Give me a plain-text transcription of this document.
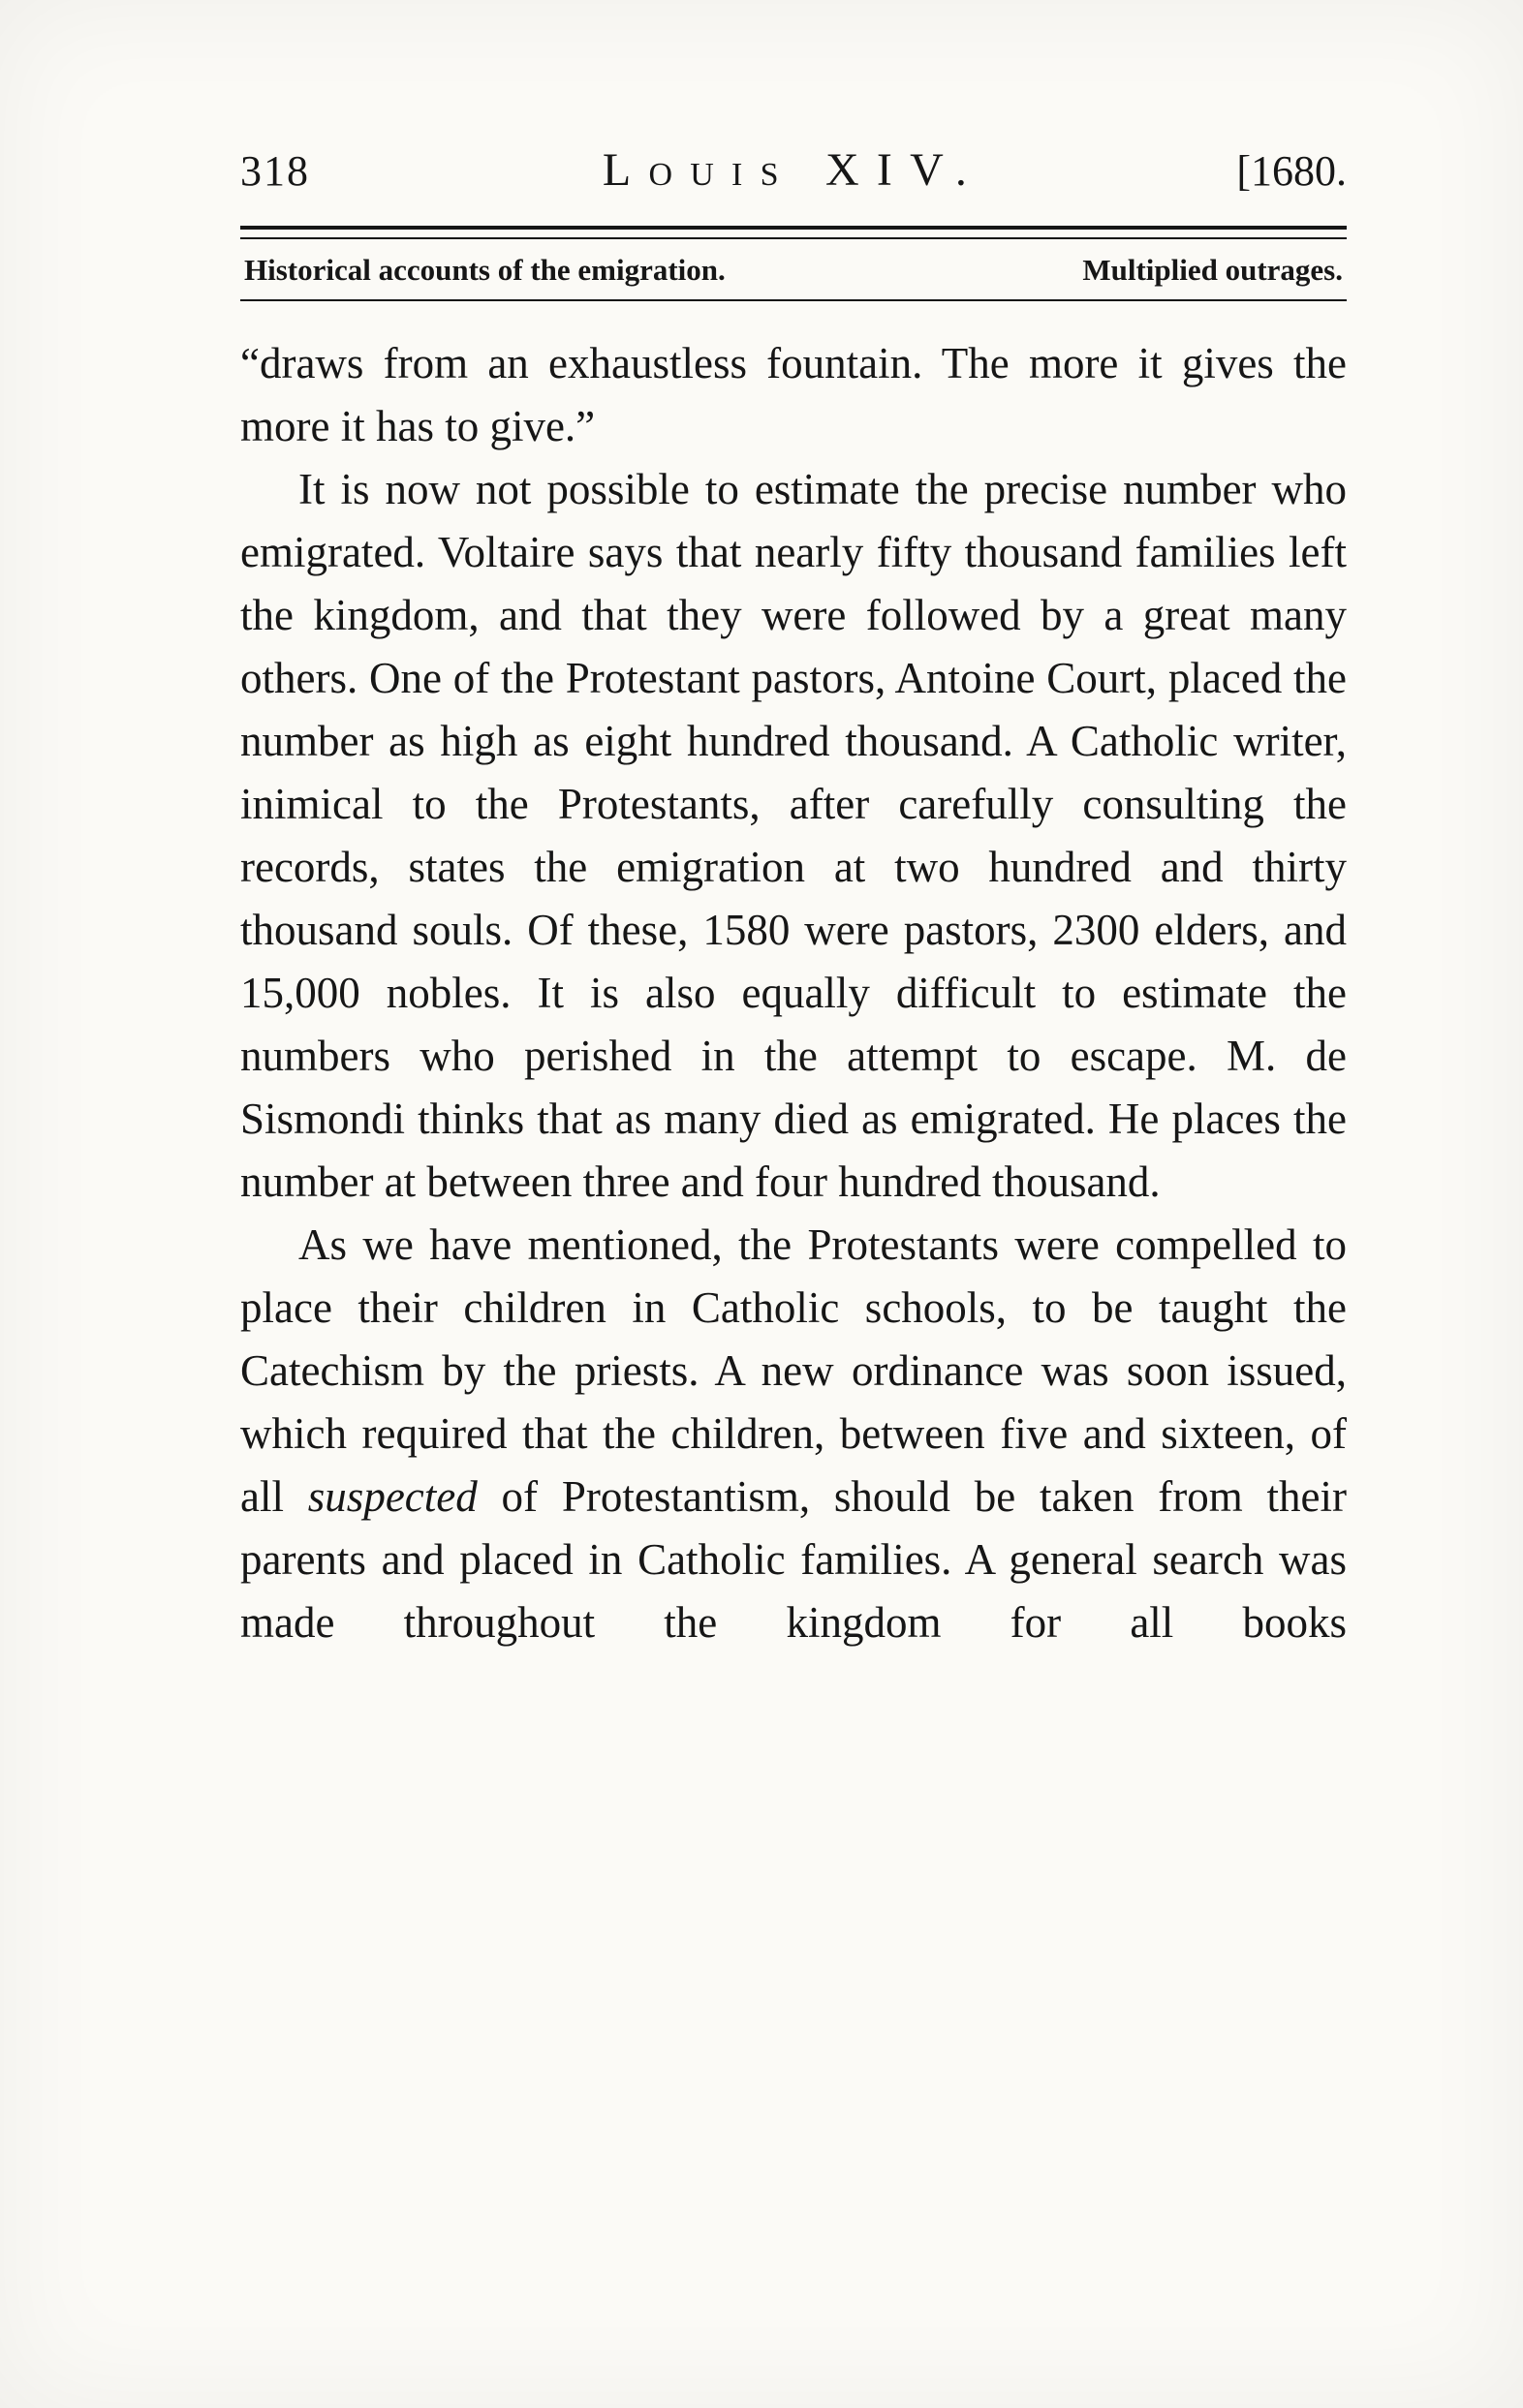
318	Louis XIV.	[1680.
Historical accounts of the emigration.	Multiplied outrages.

“draws from an exhaustless fountain. The more it gives the more it has to give.”

It is now not possible to estimate the precise number who emigrated. Voltaire says that nearly fifty thousand families left the kingdom, and that they were followed by a great many others. One of the Protestant pastors, Antoine Court, placed the number as high as eight hundred thousand. A Catholic writer, inimical to the Protestants, after carefully consulting the records, states the emigration at two hundred and thirty thousand souls. Of these, 1580 were pastors, 2300 elders, and 15,000 nobles. It is also equally difficult to estimate the numbers who perished in the attempt to escape. M. de Sismondi thinks that as many died as emigrated. He places the number at between three and four hundred thousand.

As we have mentioned, the Protestants were compelled to place their children in Catholic schools, to be taught the Catechism by the priests. A new ordinance was soon issued, which required that the children, between five and sixteen, of all suspected of Protestantism, should be taken from their parents and placed in Catholic families. A general search was made throughout the kingdom for all books
